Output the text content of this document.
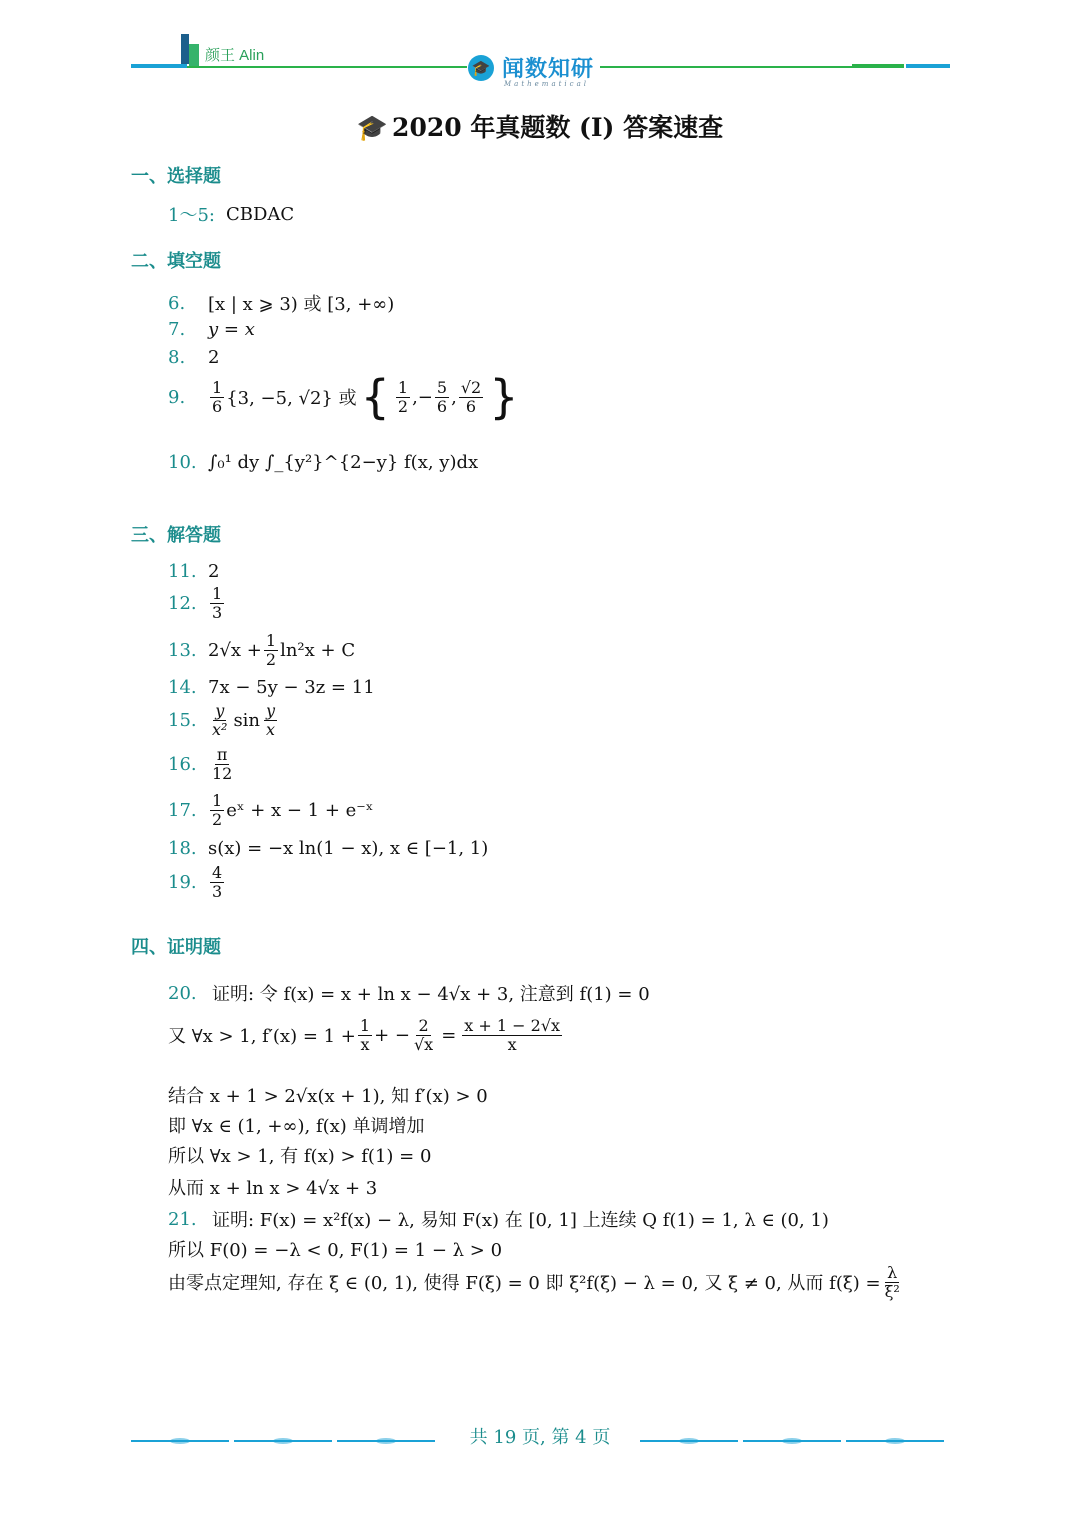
颜王 Alin
🎓 闻数知研
Mathematical
🎓 2020 年真题数 (I) 答案速查
一、选择题
1～5: CBDAC
二、填空题
6.	[x | x ⩾ 3) 或 [3, +∞)
7.	y = x
8.	2
9.	$\frac{1}{6} \{3$, −5, √2} 或 { $\frac{1}{2}$ ,− $\frac{5}{6}$ , $\frac{√2}{6}$ }
10. ∫₀¹ dy ∫_{y²}^{2−y} f(x, y)dx
三、解答题
11. 2
12. $\frac{1}{3}$
13. $2√x + \frac{1}{2} \ln^2x + C$
14. 7x − 5y − 3z = 11
15. $\frac{y}{\text{x²}}$ $\sin \frac{y}{x}$
16. $\frac{\pi}{12}$
17. $\frac{1}{2}$ eˣ + x − 1 + e⁻ˣ
18. s(x) = −x ln(1 − x), x ∈ [−1, 1)
19. $\frac{4}{3}$
四、证明题
20. 证明: 令 f(x) = x + ln x − 4√x + 3, 注意到 f(1) = 0
又 ∀x > 1, $f'(x) = 1 + \frac{1}{x}$ + − $\frac{2}{√x} = \frac{x + 1 - 2√x}{x}$
结合 x + 1 > 2√x(x + 1), 知 f′(x) > 0
即 ∀x ∈ (1, +∞), f(x) 单调增加
所以 ∀x > 1, 有 f(x) > f(1) = 0
从而 x + ln x > 4√x + 3
21. 证明: F(x) = x²f(x) − λ, 易知 F(x) 在 [0, 1] 上连续 Q f(1) = 1, λ ∈ (0, 1)
所以 F(0) = −λ < 0, F(1) = 1 − λ > 0
由零点定理知, 存在 ξ ∈ (0, 1), 使得 F(ξ) = 0 即 ξ²f(ξ) − λ = 0, 又 ξ ≠ 0, 从而 $f(\xi) = \frac{\lambda}{\text{ξ²}}$
共 19 页, 第 4 页
